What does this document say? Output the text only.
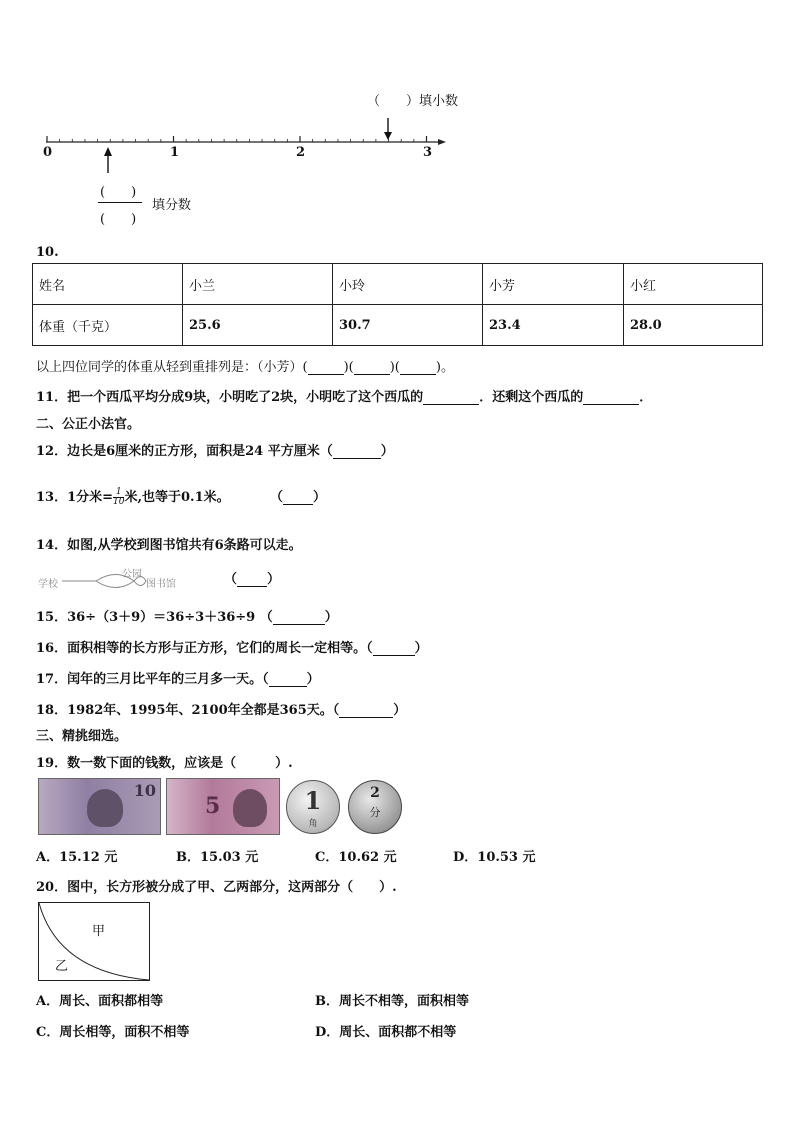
（　　）填小数
0	1	2	3
(　　)
(　　)
填分数
10.
姓名	小兰	小玲	小芳	小红
体重（千克）	25.6	30.7	23.4	28.0
以上四位同学的体重从轻到重排列是：（小芳）(	)(	)(	)。
11．把一个西瓜平均分成9块，小明吃了2块，小明吃了这个西瓜的	．还剩这个西瓜的	．
二、公正小法官。
12．边长是6厘米的正方形，面积是24 平方厘米（	）
13．1分米= $\frac{1}{10}$ 米,也等于0.1米。	（ ）
14．如图,从学校到图书馆共有6条路可以走。
学校
公园
图书馆	（ ）
15．36÷（3＋9）＝36÷3＋36÷9 （	）
16．面积相等的长方形与正方形，它们的周长一定相等。（	）
17．闰年的三月比平年的三月多一天。（	）
18．1982年、1995年、2100年全都是365天。（	）
三、精挑细选。
19．数一数下面的钱数，应该是（　　　）.
10
5	1
角
2
分
A．15.12 元	B．15.03 元	C．10.62 元	D．10.53 元
20．图中，长方形被分成了甲、乙两部分，这两部分（　　）.
甲
乙
A．周长、面积都相等	B．周长不相等，面积相等
C．周长相等，面积不相等	D．周长、面积都不相等
